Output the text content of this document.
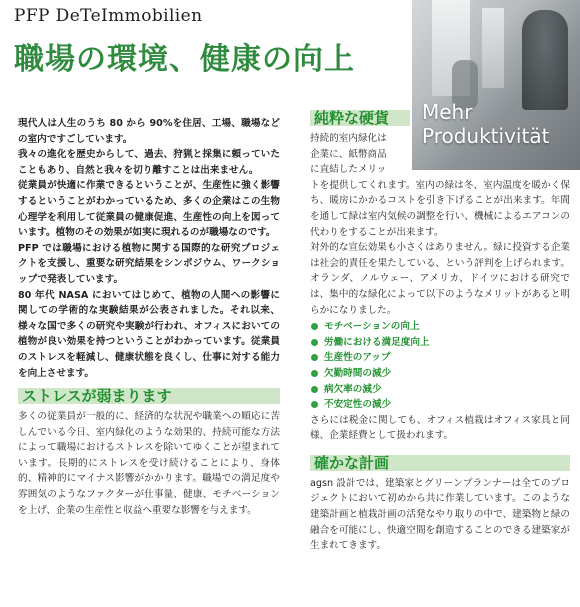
PFP DeTeImmobilien
職場の環境、健康の向上
Mehr
Produktivität

現代人は人生のうち 80 から 90%を住居、工場、職場などの室内ですごしています。

我々の進化を歴史からして、過去、狩猟と採集に頼っていたこともあり、自然と我々を切り離すことは出来ません。

従業員が快適に作業できるということが、生産性に強く影響するということがわかっているため、多くの企業はこの生物心理学を利用して従業員の健康促進、生産性の向上を図っています。植物のその効果が如実に現れるのが職場なのです。

PFP では職場における植物に関する国際的な研究プロジェクトを支援し、重要な研究結果をシンポジウム、ワークショップで発表しています。

80 年代 NASA においてはじめて、植物の人間への影響に関しての学術的な実験結果が公表されました。それ以来、様々な国で多くの研究や実験が行われ、オフィスにおいての植物が良い効果を持つということがわかっています。従業員のストレスを軽減し、健康状態を良くし、仕事に対する能力を向上させます。

ストレスが弱まります

多くの従業員が一般的に、経済的な状況や職業への順応に苦しんでいる今日、室内緑化のような効果的、持続可能な方法によって職場におけるストレスを除いてゆくことが望まれています。長期的にストレスを受け続けることにより、身体的、精神的にマイナス影響がかかります。職場での満足度や雰囲気のようなファクターが仕事量、健康、モチベーションを上げ、企業の生産性と収益へ重要な影響を与えます。

純粋な硬貨

持続的室内緑化は

企業に、紙幣商品

に直結したメリッ

トを提供してくれます。室内の緑は冬、室内温度を暖かく保ち、暖房にかかるコストを引き下げることが出来ます。年間を通して緑は室内気候の調整を行い、機械によるエアコンの代わりをすることが出来ます。

対外的な宣伝効果も小さくはありません。緑に投資する企業は社会的責任を果たしている、という評判を上げられます。オランダ、ノルウェー、アメリカ、ドイツにおける研究では、集中的な緑化によって以下のようなメリットがあると明らかになりました。

モチベーションの向上
労働における満足度向上
生産性のアップ
欠勤時間の減少
病欠率の減少
不安定性の減少

さらには税金に関しても、オフィス植栽はオフィス家具と同様、企業経費として扱われます。

確かな計画

agsn 設計では、建築家とグリーンプランナーは全てのプロジェクトにおいて初めから共に作業しています。このような建築計画と植栽計画の活発なやり取りの中で、建築物と緑の融合を可能にし、快適空間を創造することのできる建築家が生まれてきます。
